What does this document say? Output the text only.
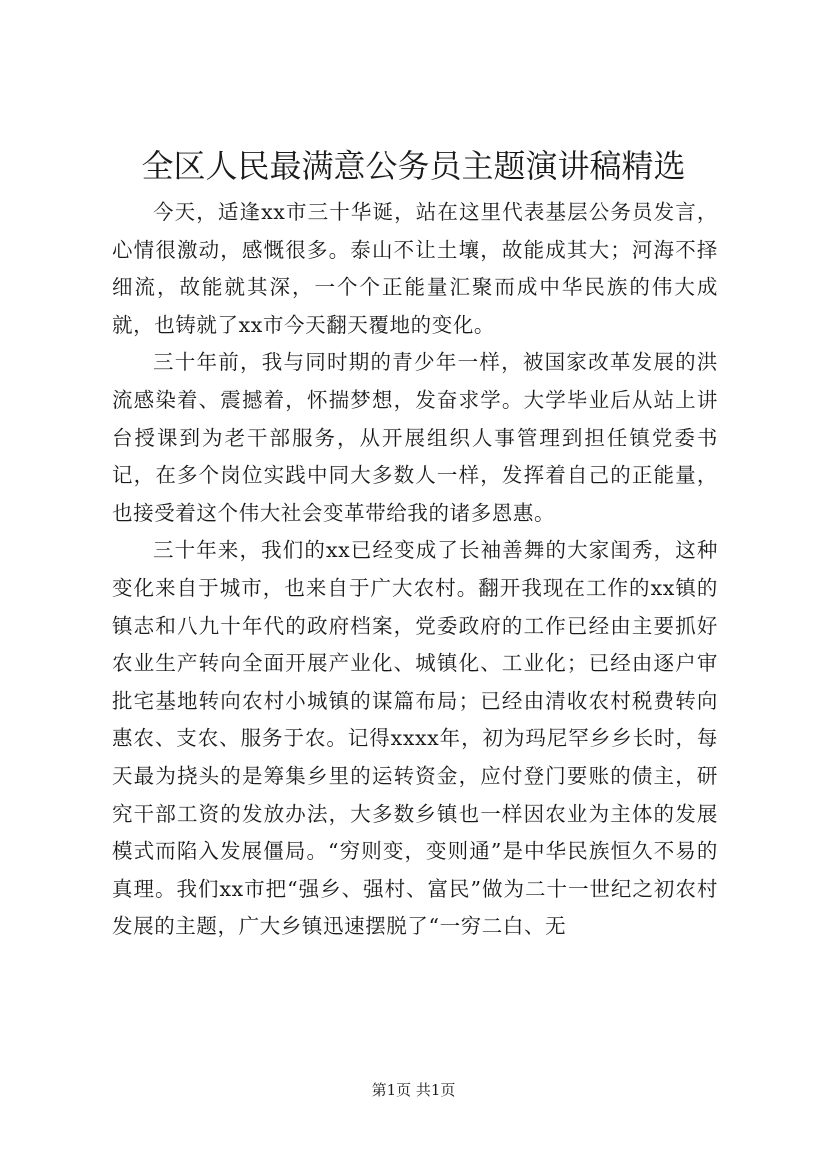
全区人民最满意公务员主题演讲稿精选

今天，适逢xx市三十华诞，站在这里代表基层公务员发言，心情很激动，感慨很多。泰山不让土壤，故能成其大；河海不择细流，故能就其深，一个个正能量汇聚而成中华民族的伟大成就，也铸就了xx市今天翻天覆地的变化。

三十年前，我与同时期的青少年一样，被国家改革发展的洪流感染着、震撼着，怀揣梦想，发奋求学。大学毕业后从站上讲台授课到为老干部服务，从开展组织人事管理到担任镇党委书记，在多个岗位实践中同大多数人一样，发挥着自己的正能量，也接受着这个伟大社会变革带给我的诸多恩惠。

三十年来，我们的xx已经变成了长袖善舞的大家闺秀，这种变化来自于城市，也来自于广大农村。翻开我现在工作的xx镇的镇志和八九十年代的政府档案，党委政府的工作已经由主要抓好农业生产转向全面开展产业化、城镇化、工业化；已经由逐户审批宅基地转向农村小城镇的谋篇布局；已经由清收农村税费转向惠农、支农、服务于农。记得xxxx年，初为玛尼罕乡乡长时，每天最为挠头的是筹集乡里的运转资金，应付登门要账的债主，研究干部工资的发放办法，大多数乡镇也一样因农业为主体的发展模式而陷入发展僵局。“穷则变，变则通”是中华民族恒久不易的真理。我们xx市把“强乡、强村、富民”做为二十一世纪之初农村发展的主题，广大乡镇迅速摆脱了“一穷二白、无

第1页 共1页
